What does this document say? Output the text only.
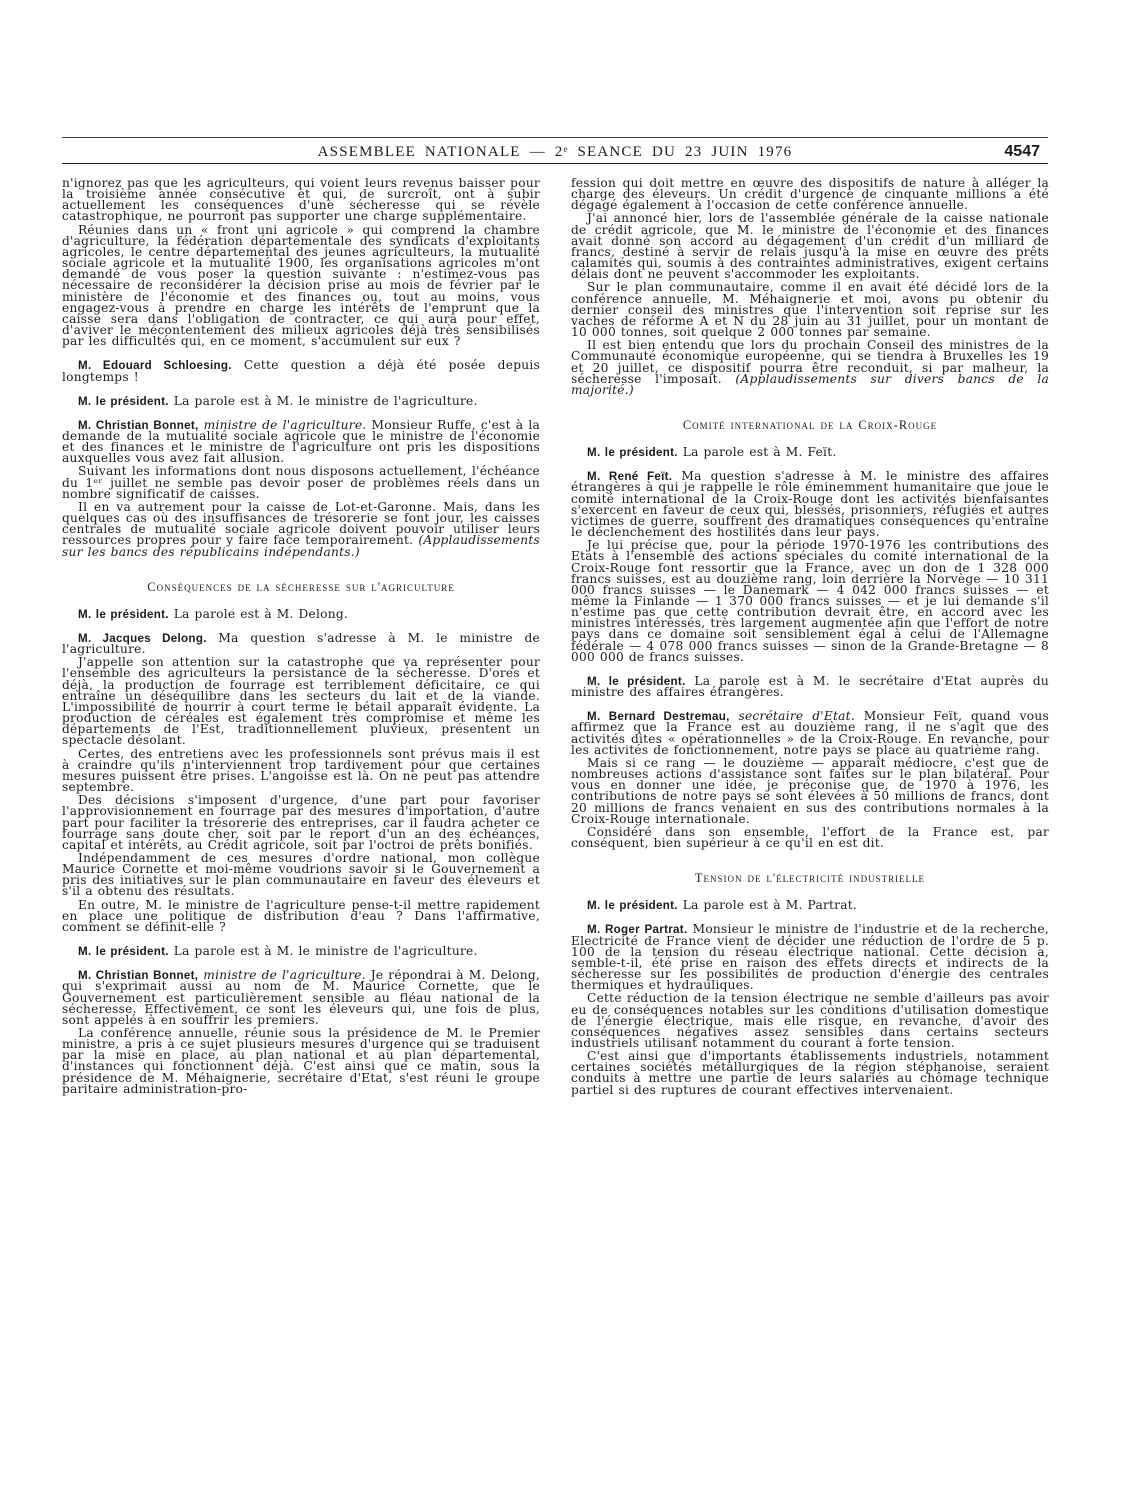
ASSEMBLEE NATIONALE — 2ᵉ SEANCE DU 23 JUIN 1976	4547

n'ignorez pas que les agriculteurs, qui voient leurs revenus baisser pour la troisième année consécutive et qui, de surcroît, ont à subir actuellement les conséquences d'une sécheresse qui se révèle catastrophique, ne pourront pas supporter une charge supplémentaire.

Réunies dans un « front uni agricole » qui comprend la chambre d'agriculture, la fédération départementale des syndicats d'exploitants agricoles, le centre départemental des jeunes agriculteurs, la mutualité sociale agricole et la mutualité 1900, les organisations agricoles m'ont demandé de vous poser la question suivante : n'estimez-vous pas nécessaire de reconsidérer la décision prise au mois de février par le ministère de l'économie et des finances ou, tout au moins, vous engagez-vous à prendre en charge les intérêts de l'emprunt que la caisse sera dans l'obligation de contracter, ce qui aura pour effet, d'aviver le mécontentement des milieux agricoles déjà très sensibilisés par les difficultés qui, en ce moment, s'accumulent sur eux ?

M. Edouard Schloesing. Cette question a déjà été posée depuis longtemps !

M. le président. La parole est à M. le ministre de l'agriculture.

M. Christian Bonnet, ministre de l'agriculture. Monsieur Ruffe, c'est à la demande de la mutualité sociale agricole que le ministre de l'économie et des finances et le ministre de l'agriculture ont pris les dispositions auxquelles vous avez fait allusion.

Suivant les informations dont nous disposons actuellement, l'échéance du 1ᵉʳ juillet ne semble pas devoir poser de problèmes réels dans un nombre significatif de caisses.

Il en va autrement pour la caisse de Lot-et-Garonne. Mais, dans les quelques cas où des insuffisances de trésorerie se font jour, les caisses centrales de mutualité sociale agricole doivent pouvoir utiliser leurs ressources propres pour y faire face temporairement. (Applaudissements sur les bancs des républicains indépendants.)

Conséquences de la sécheresse sur l'agriculture

M. le président. La parole est à M. Delong.

M. Jacques Delong. Ma question s'adresse à M. le ministre de l'agriculture.

J'appelle son attention sur la catastrophe que va représenter pour l'ensemble des agriculteurs la persistance de la sécheresse. D'ores et déjà, la production de fourrage est terriblement déficitaire, ce qui entraîne un déséquilibre dans les secteurs du lait et de la viande. L'impossibilité de nourrir à court terme le bétail apparaît évidente. La production de céréales est également très compromise et même les départements de l'Est, traditionnellement pluvieux, présentent un spectacle désolant.

Certes, des entretiens avec les professionnels sont prévus mais il est à craindre qu'ils n'interviennent trop tardivement pour que certaines mesures puissent être prises. L'angoisse est là. On ne peut pas attendre septembre.

Des décisions s'imposent d'urgence, d'une part pour favoriser l'approvisionnement en fourrage par des mesures d'importation, d'autre part pour faciliter la trésorerie des entreprises, car il faudra acheter ce fourrage sans doute cher, soit par le report d'un an des échéances, capital et intérêts, au Crédit agricole, soit par l'octroi de prêts bonifiés.

Indépendamment de ces mesures d'ordre national, mon collègue Maurice Cornette et moi-même voudrions savoir si le Gouvernement a pris des initiatives sur le plan communautaire en faveur des éleveurs et s'il a obtenu des résultats.

En outre, M. le ministre de l'agriculture pense-t-il mettre rapidement en place une politique de distribution d'eau ? Dans l'affirmative, comment se définit-elle ?

M. le président. La parole est à M. le ministre de l'agriculture.

M. Christian Bonnet, ministre de l'agriculture. Je répondrai à M. Delong, qui s'exprimait aussi au nom de M. Maurice Cornette, que le Gouvernement est particulièrement sensible au fléau national de la sécheresse. Effectivement, ce sont les éleveurs qui, une fois de plus, sont appelés à en souffrir les premiers.

La conférence annuelle, réunie sous la présidence de M. le Premier ministre, a pris à ce sujet plusieurs mesures d'urgence qui se traduisent par la mise en place, au plan national et au plan départemental, d'instances qui fonctionnent déjà. C'est ainsi que ce matin, sous la présidence de M. Méhaignerie, secrétaire d'Etat, s'est réuni le groupe paritaire administration-pro-

fession qui doit mettre en œuvre des dispositifs de nature à alléger la charge des éleveurs. Un crédit d'urgence de cinquante millions a été dégagé également à l'occasion de cette conférence annuelle.

J'ai annoncé hier, lors de l'assemblée générale de la caisse nationale de crédit agricole, que M. le ministre de l'économie et des finances avait donné son accord au dégagement d'un crédit d'un milliard de francs, destiné à servir de relais jusqu'à la mise en œuvre des prêts calamités qui, soumis à des contraintes administratives, exigent certains délais dont ne peuvent s'accommoder les exploitants.

Sur le plan communautaire, comme il en avait été décidé lors de la conférence annuelle, M. Méhaignerie et moi, avons pu obtenir du dernier conseil des ministres que l'intervention soit reprise sur les vaches de réforme A et N du 28 juin au 31 juillet, pour un montant de 10 000 tonnes, soit quelque 2 000 tonnes par semaine.

Il est bien entendu que lors du prochain Conseil des ministres de la Communauté économique européenne, qui se tiendra à Bruxelles les 19 et 20 juillet, ce dispositif pourra être reconduit, si par malheur, la sécheresse l'imposait. (Applaudissements sur divers bancs de la majorité.)

Comité international de la Croix-Rouge

M. le président. La parole est à M. Feït.

M. René Feït. Ma question s'adresse à M. le ministre des affaires étrangères à qui je rappelle le rôle éminemment humanitaire que joue le comité international de la Croix-Rouge dont les activités bienfaisantes s'exercent en faveur de ceux qui, blessés, prisonniers, réfugiés et autres victimes de guerre, souffrent des dramatiques conséquences qu'entraîne le déclenchement des hostilités dans leur pays.

Je lui précise que, pour la période 1970-1976 les contributions des Etats à l'ensemble des actions spéciales du comité international de la Croix-Rouge font ressortir que la France, avec un don de 1 328 000 francs suisses, est au douzième rang, loin derrière la Norvège — 10 311 000 francs suisses — le Danemark — 4 042 000 francs suisses — et même la Finlande — 1 370 000 francs suisses — et je lui demande s'il n'estime pas que cette contribution devrait être, en accord avec les ministres intéressés, très largement augmentée afin que l'effort de notre pays dans ce domaine soit sensiblement égal à celui de l'Allemagne fédérale — 4 078 000 francs suisses — sinon de la Grande-Bretagne — 8 000 000 de francs suisses.

M. le président. La parole est à M. le secrétaire d'Etat auprès du ministre des affaires étrangères.

M. Bernard Destremau, secrétaire d'Etat. Monsieur Feït, quand vous affirmez que la France est au douzième rang, il ne s'agit que des activités dites « opérationnelles » de la Croix-Rouge. En revanche, pour les activités de fonctionnement, notre pays se place au quatrième rang.

Mais si ce rang — le douzième — apparaît médiocre, c'est que de nombreuses actions d'assistance sont faites sur le plan bilatéral. Pour vous en donner une idée, je préconise que, de 1970 à 1976, les contributions de notre pays se sont élevées à 50 millions de francs, dont 20 millions de francs venaient en sus des contributions normales à la Croix-Rouge internationale.

Considéré dans son ensemble, l'effort de la France est, par conséquent, bien supérieur à ce qu'il en est dit.

Tension de l'électricité industrielle

M. le président. La parole est à M. Partrat.

M. Roger Partrat. Monsieur le ministre de l'industrie et de la recherche, Electricité de France vient de décider une réduction de l'ordre de 5 p. 100 de la tension du réseau électrique national. Cette décision a, semble-t-il, été prise en raison des effets directs et indirects de la sécheresse sur les possibilités de production d'énergie des centrales thermiques et hydrauliques.

Cette réduction de la tension électrique ne semble d'ailleurs pas avoir eu de conséquences notables sur les conditions d'utilisation domestique de l'énergie électrique, mais elle risque, en revanche, d'avoir des conséquences négatives assez sensibles dans certains secteurs industriels utilisant notamment du courant à forte tension.

C'est ainsi que d'importants établissements industriels, notamment certaines sociétés métallurgiques de la région stéphanoise, seraient conduits à mettre une partie de leurs salariés au chômage technique partiel si des ruptures de courant effectives intervenaient.
